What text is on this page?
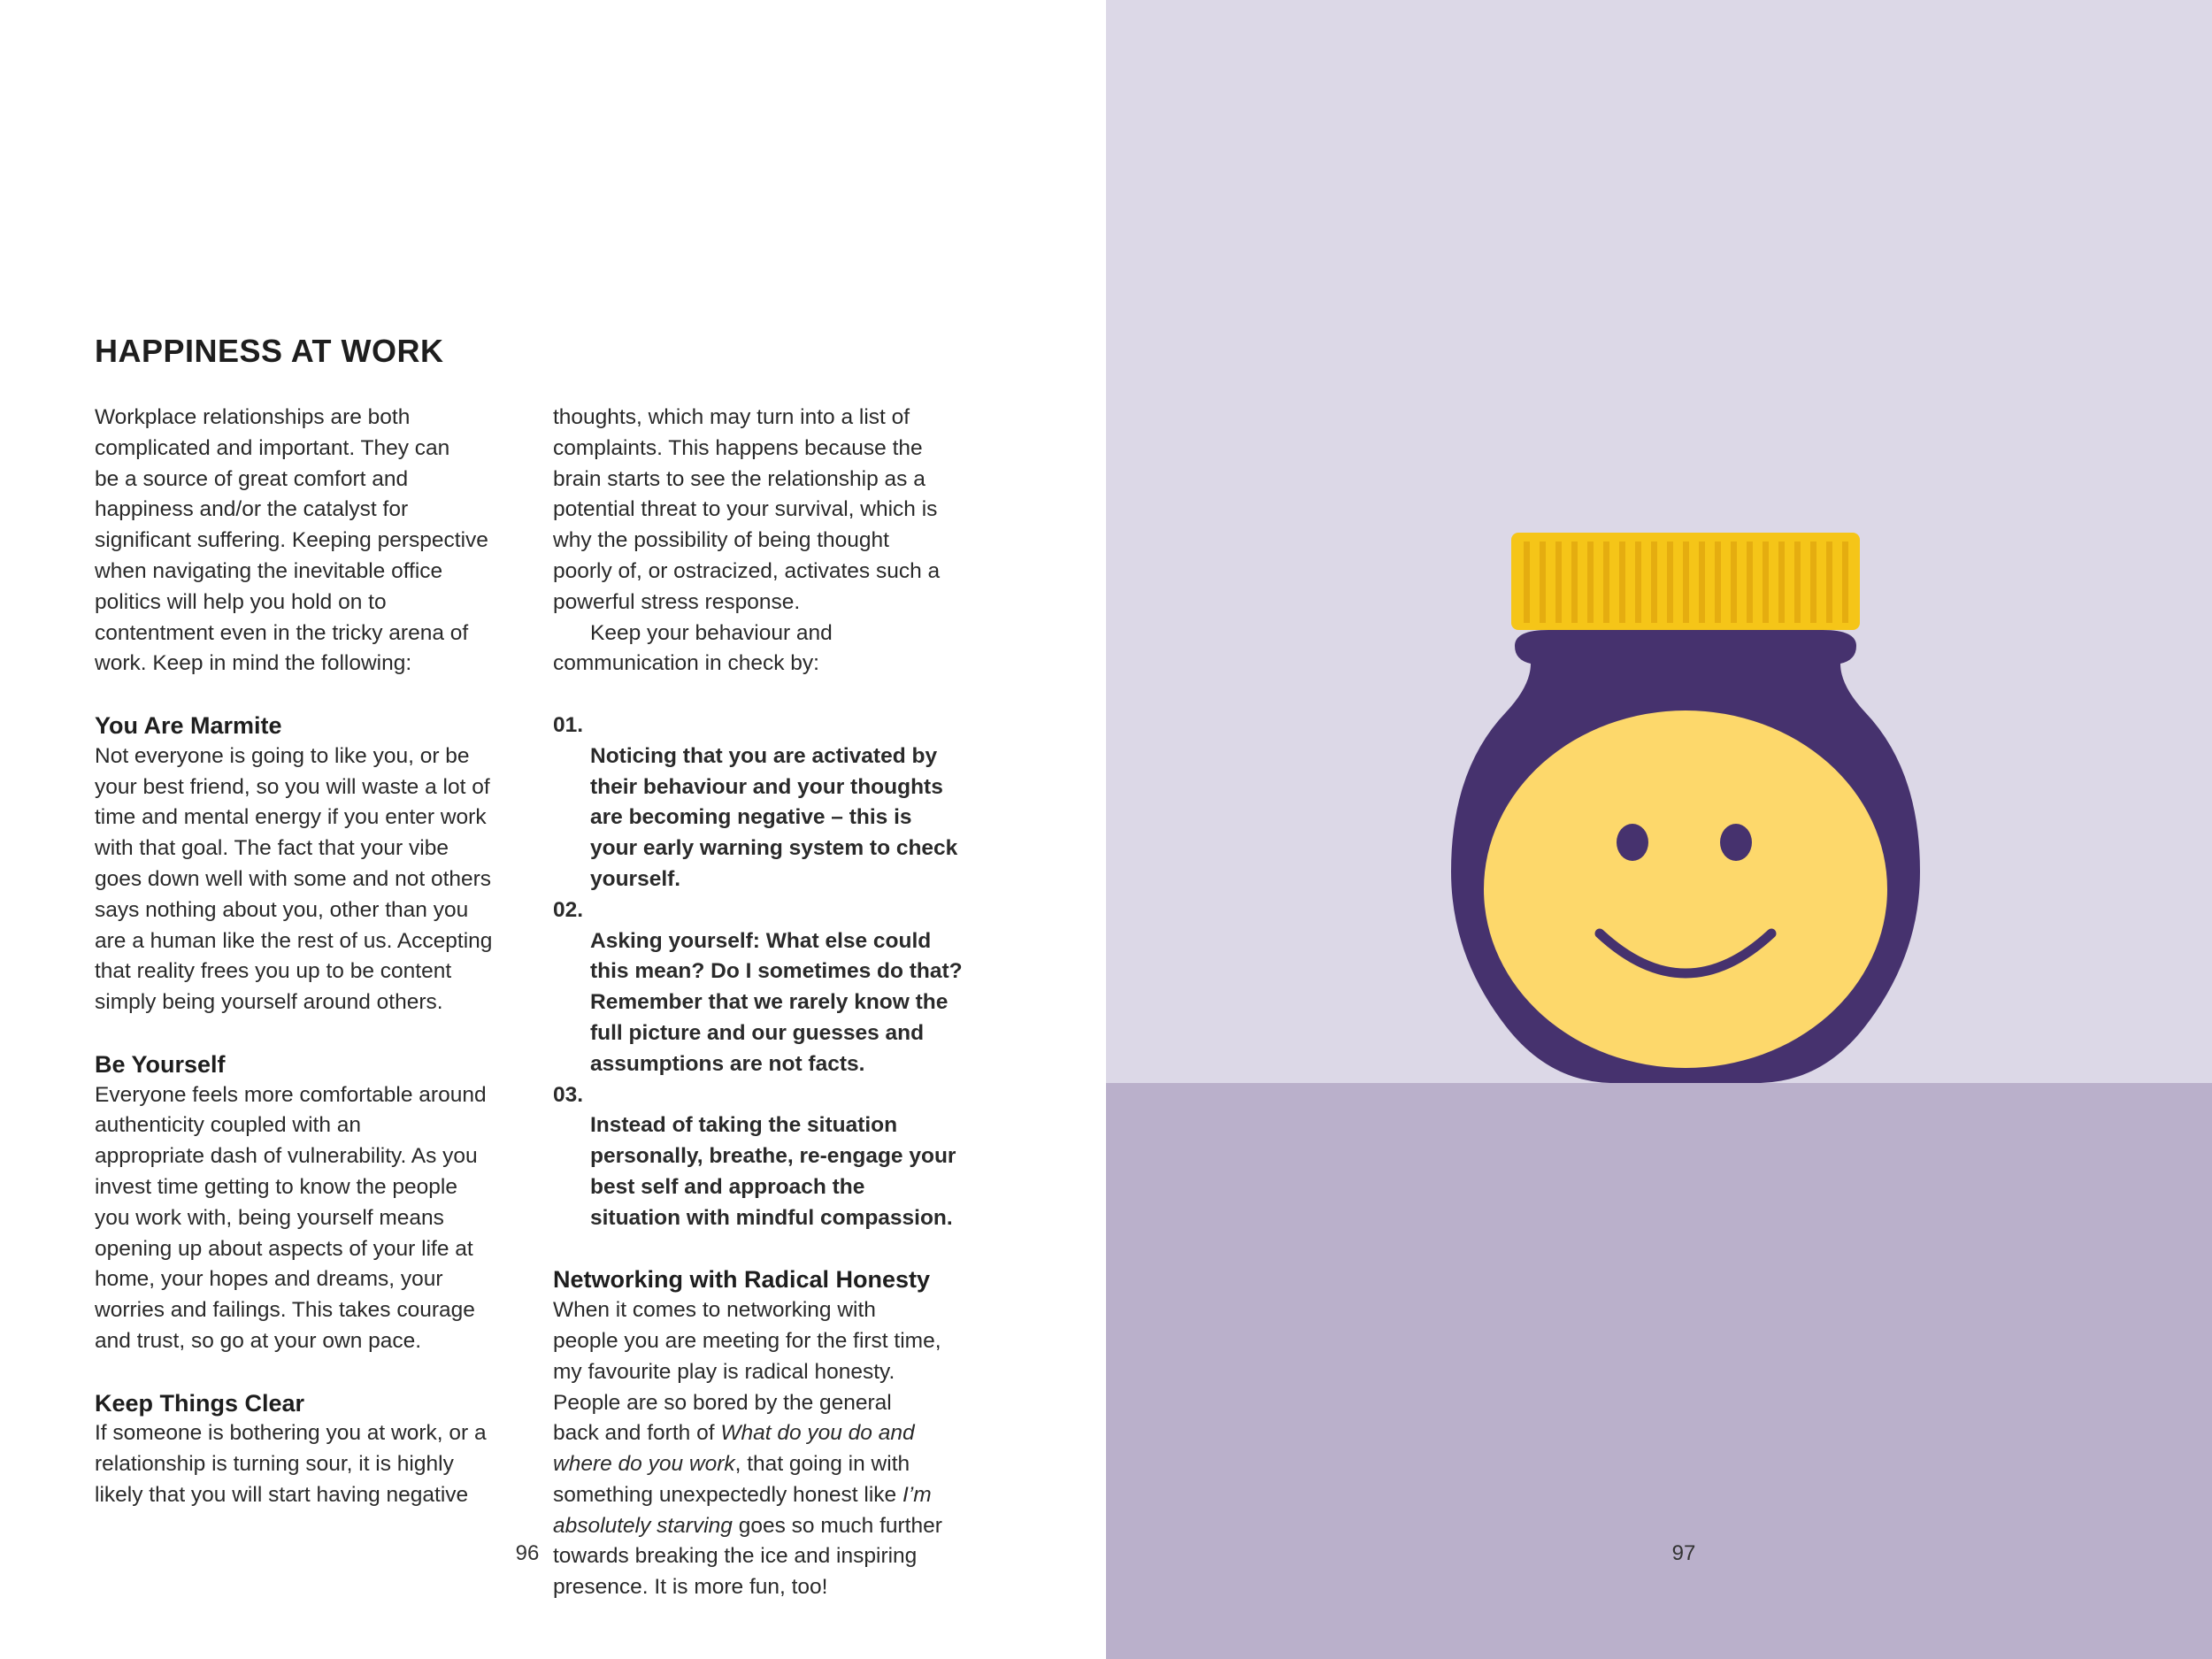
HAPPINESS AT WORK

Workplace relationships are both
complicated and important. They can
be a source of great comfort and
happiness and/or the catalyst for
significant suffering. Keeping perspective
when navigating the inevitable office
politics will help you hold on to
contentment even in the tricky arena of
work. Keep in mind the following:

You Are Marmite

Not everyone is going to like you, or be
your best friend, so you will waste a lot of
time and mental energy if you enter work
with that goal. The fact that your vibe
goes down well with some and not others
says nothing about you, other than you
are a human like the rest of us. Accepting
that reality frees you up to be content
simply being yourself around others.

Be Yourself

Everyone feels more comfortable around
authenticity coupled with an
appropriate dash of vulnerability. As you
invest time getting to know the people
you work with, being yourself means
opening up about aspects of your life at
home, your hopes and dreams, your
worries and failings. This takes courage
and trust, so go at your own pace.

Keep Things Clear

If someone is bothering you at work, or a
relationship is turning sour, it is highly
likely that you will start having negative

thoughts, which may turn into a list of
complaints. This happens because the
brain starts to see the relationship as a
potential threat to your survival, which is
why the possibility of being thought
poorly of, or ostracized, activates such a
powerful stress response.

Keep your behaviour and
communication in check by:

01.
Noticing that you are activated by
their behaviour and your thoughts
are becoming negative – this is
your early warning system to check
yourself.

02.
Asking yourself: What else could
this mean? Do I sometimes do that?
Remember that we rarely know the
full picture and our guesses and
assumptions are not facts.

03.
Instead of taking the situation
personally, breathe, re-engage your
best self and approach the
situation with mindful compassion.

Networking with Radical Honesty

When it comes to networking with
people you are meeting for the first time,
my favourite play is radical honesty.
People are so bored by the general
back and forth of What do you do and
where do you work, that going in with
something unexpectedly honest like I’m
absolutely starving goes so much further
towards breaking the ice and inspiring
presence. It is more fun, too!

96	97
